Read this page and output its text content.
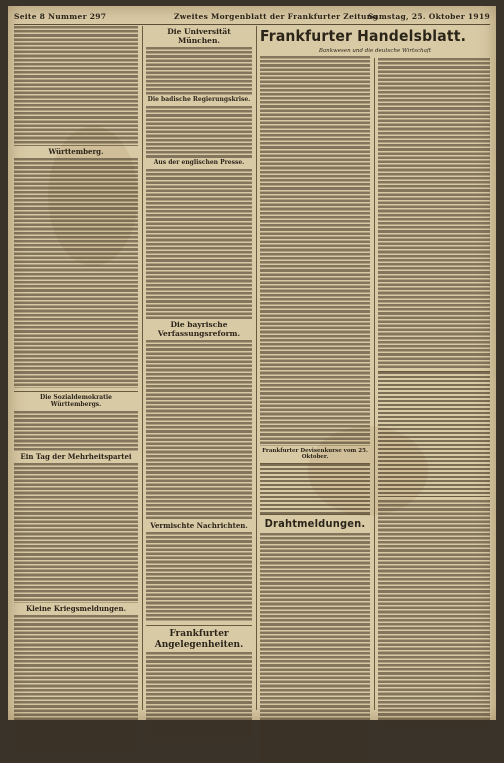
Seite 8 Nummer 297	Zweites Morgenblatt der Frankfurter Zeitung
Samstag, 25. Oktober 1919
Württemberg.
Die Sozialdemokratie Württembergs.
Ein Tag der Mehrheitspartei
Kleine Kriegsmeldungen.
Die Universität München.
Die badische Regierungskrise.
Aus der englischen Presse.
Die bayrische Verfassungsreform.
Vermischte Nachrichten.
Frankfurter Angelegenheiten.
Frankfurter Handelsblatt.
Bankwesen und die deutsche Wirtschaft
Frankfurter Devisenkurse vom 25. Oktober.
Drahtmeldungen.
